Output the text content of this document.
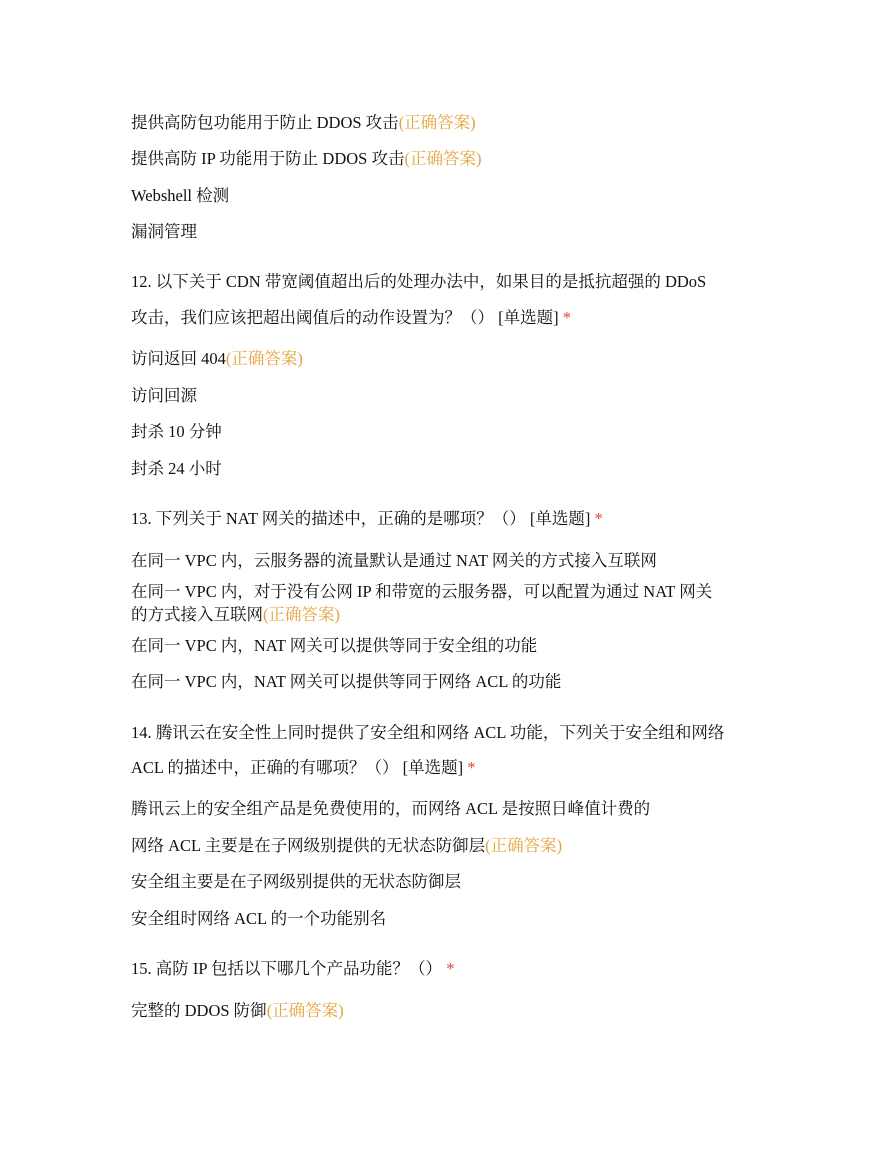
提供高防包功能用于防止 DDOS 攻击(正确答案)
提供高防 IP 功能用于防止 DDOS 攻击(正确答案)
Webshell 检测
漏洞管理
12. 以下关于 CDN 带宽阈值超出后的处理办法中，如果目的是抵抗超强的 DDoS
攻击，我们应该把超出阈值后的动作设置为？（） [单选题] *
访问返回 404(正确答案)
访问回源
封杀 10 分钟
封杀 24 小时
13. 下列关于 NAT 网关的描述中，正确的是哪项？（） [单选题] *
在同一 VPC 内，云服务器的流量默认是通过 NAT 网关的方式接入互联网
在同一 VPC 内，对于没有公网 IP 和带宽的云服务器，可以配置为通过 NAT 网关
的方式接入互联网(正确答案)
在同一 VPC 内，NAT 网关可以提供等同于安全组的功能
在同一 VPC 内，NAT 网关可以提供等同于网络 ACL 的功能
14. 腾讯云在安全性上同时提供了安全组和网络 ACL 功能，下列关于安全组和网络
ACL 的描述中，正确的有哪项？（） [单选题] *
腾讯云上的安全组产品是免费使用的，而网络 ACL 是按照日峰值计费的
网络 ACL 主要是在子网级别提供的无状态防御层(正确答案)
安全组主要是在子网级别提供的无状态防御层
安全组时网络 ACL 的一个功能别名
15. 高防 IP 包括以下哪几个产品功能？（） *
完整的 DDOS 防御(正确答案)
